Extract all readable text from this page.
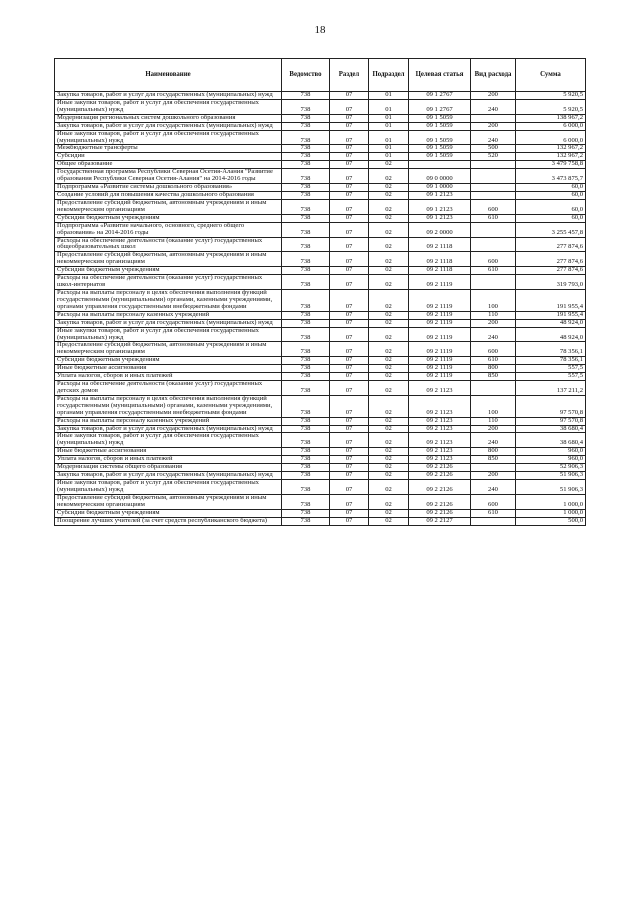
18
Наименование	Ведомство	Раздел	Подраздел	Целевая статья	Вид расхода	Сумма
Закупка товаров, работ и услуг для государственных (муниципальных) нужд	738	07	01	09 1 2767	200	5 920,5
Иные закупки товаров, работ и услуг для обеспечения государственных (муниципальных) нужд	738	07	01	09 1 2767	240	5 920,5
Модернизация региональных систем дошкольного образования	738	07	01	09 1 5059		138 967,2
Закупка товаров, работ и услуг для государственных (муниципальных) нужд	738	07	01	09 1 5059	200	6 000,0
Иные закупки товаров, работ и услуг для обеспечения государственных (муниципальных) нужд	738	07	01	09 1 5059	240	6 000,0
Межбюджетные трансферты	738	07	01	09 1 5059	500	132 967,2
Субсидии	738	07	01	09 1 5059	520	132 967,2
Общее образование	738	07	02			3 479 758,8
Государственная программа Республики Северная Осетия-Алания "Развитие образования Республики Северная Осетия-Алания" на 2014-2016 годы	738	07	02	09 0 0000		3 473 875,7
Подпрограмма «Развитие системы дошкольного образования»	738	07	02	09 1 0000		60,0
Создание условий для повышения качества дошкольного образования	738	07	02	09 1 2123		60,0
Предоставление субсидий бюджетным, автономным учреждениям и иным некоммерческим организациям	738	07	02	09 1 2123	600	60,0
Субсидии бюджетным учреждениям	738	07	02	09 1 2123	610	60,0
Подпрограмма «Развитие начального, основного, среднего общего образования» на 2014-2016 годы	738	07	02	09 2 0000		3 255 457,8
Расходы на обеспечение деятельности (оказание услуг) государственных общеобразовательных школ	738	07	02	09 2 1118		277 874,6
Предоставление субсидий бюджетным, автономным учреждениям и иным некоммерческим организациям	738	07	02	09 2 1118	600	277 874,6
Субсидии бюджетным учреждениям	738	07	02	09 2 1118	610	277 874,6
Расходы на обеспечение деятельности (оказание услуг) государственных школ-интернатов	738	07	02	09 2 1119		319 793,0
Расходы на выплаты персоналу в целях обеспечения выполнения функций государственными (муниципальными) органами, казенными учреждениями, органами управления государственными внебюджетными фондами	738	07	02	09 2 1119	100	191 955,4
Расходы на выплаты персоналу казенных учреждений	738	07	02	09 2 1119	110	191 955,4
Закупка товаров, работ и услуг для государственных (муниципальных) нужд	738	07	02	09 2 1119	200	48 924,0
Иные закупки товаров, работ и услуг для обеспечения государственных (муниципальных) нужд	738	07	02	09 2 1119	240	48 924,0
Предоставление субсидий бюджетным, автономным учреждениям и иным некоммерческим организациям	738	07	02	09 2 1119	600	78 356,1
Субсидии бюджетным учреждениям	738	07	02	09 2 1119	610	78 356,1
Иные бюджетные ассигнования	738	07	02	09 2 1119	800	557,5
Уплата налогов, сборов и иных платежей	738	07	02	09 2 1119	850	557,5
Расходы на обеспечение деятельности (оказание услуг) государственных детских домов	738	07	02	09 2 1123		137 211,2
Расходы на выплаты персоналу в целях обеспечения выполнения функций государственными (муниципальными) органами, казенными учреждениями, органами управления государственными внебюджетными фондами	738	07	02	09 2 1123	100	97 570,8
Расходы на выплаты персоналу казенных учреждений	738	07	02	09 2 1123	110	97 570,8
Закупка товаров, работ и услуг для государственных (муниципальных) нужд	738	07	02	09 2 1123	200	38 680,4
Иные закупки товаров, работ и услуг для обеспечения государственных (муниципальных) нужд	738	07	02	09 2 1123	240	38 680,4
Иные бюджетные ассигнования	738	07	02	09 2 1123	800	960,0
Уплата налогов, сборов и иных платежей	738	07	02	09 2 1123	850	960,0
Модернизация системы общего образования	738	07	02	09 2 2126		52 906,3
Закупка товаров, работ и услуг для государственных (муниципальных) нужд	738	07	02	09 2 2126	200	51 906,3
Иные закупки товаров, работ и услуг для обеспечения государственных (муниципальных) нужд	738	07	02	09 2 2126	240	51 906,3
Предоставление субсидий бюджетным, автономным учреждениям и иным некоммерческим организациям	738	07	02	09 2 2126	600	1 000,0
Субсидии бюджетным учреждениям	738	07	02	09 2 2126	610	1 000,0
Поощрение лучших учителей (за счет средств республиканского бюджета)	738	07	02	09 2 2127		500,0
